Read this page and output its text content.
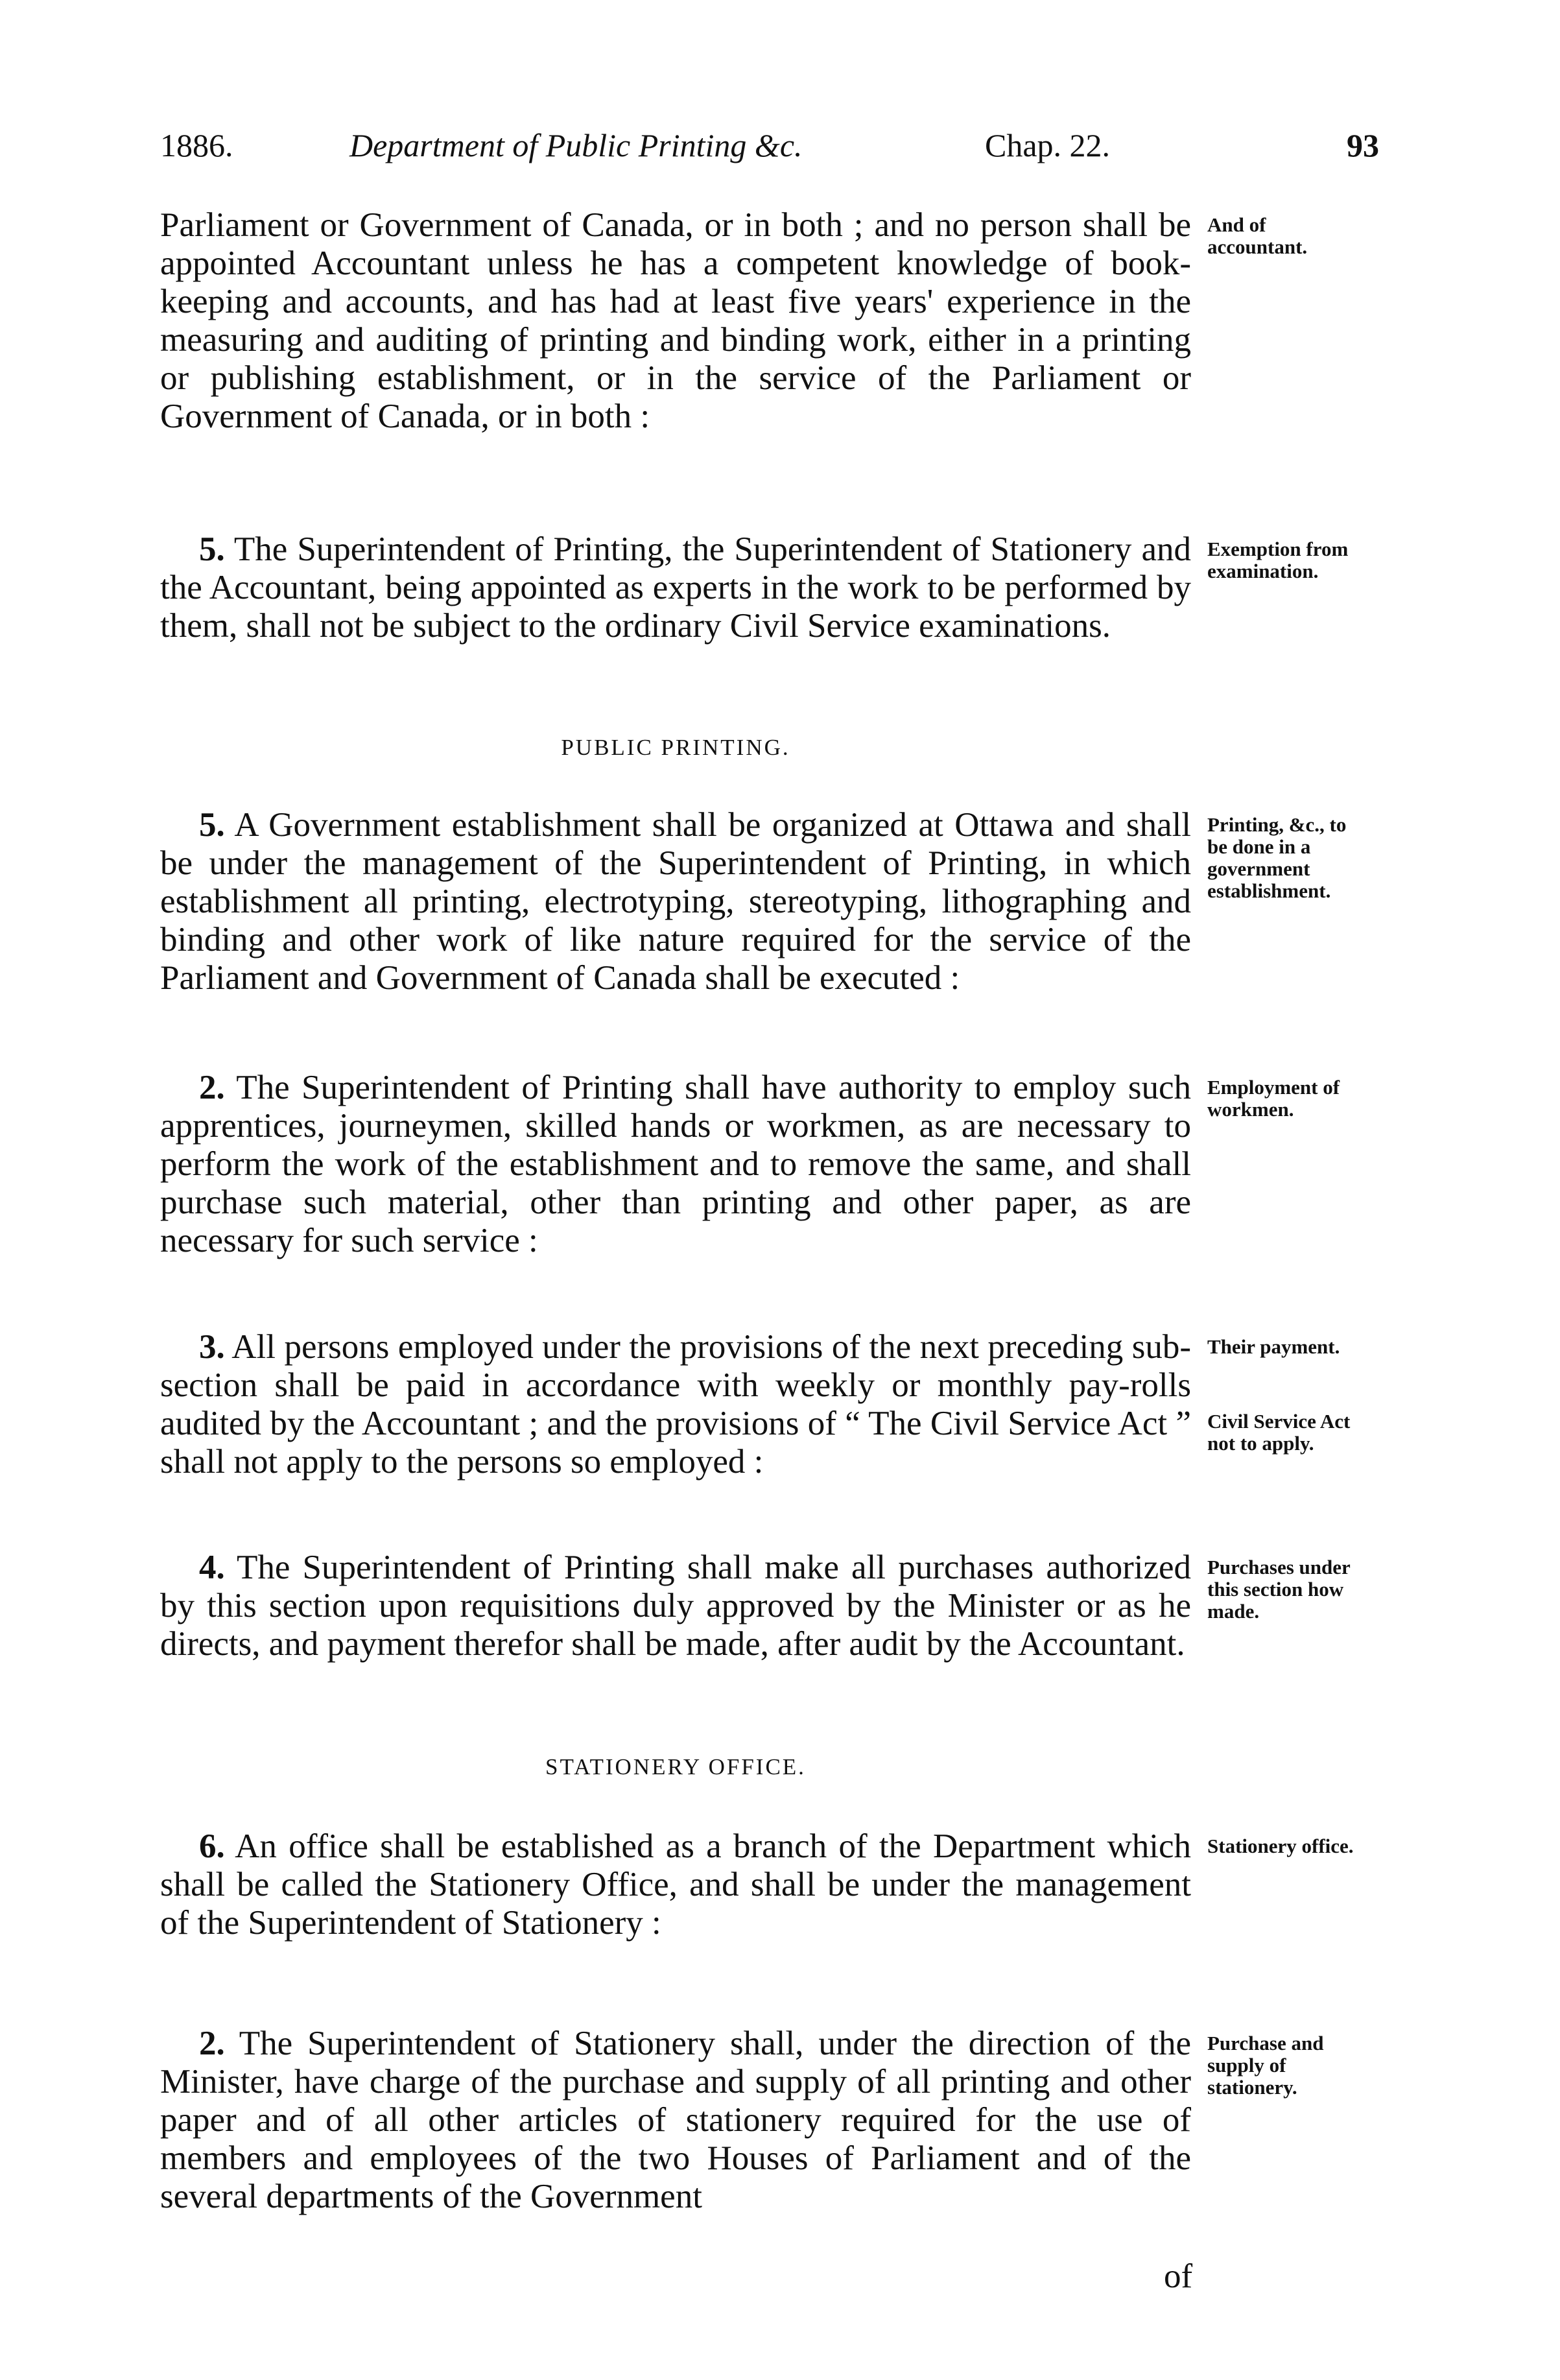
1886.	Department of Public Printing &c.	Chap. 22.	93
Parliament or Government of Canada, or in both ; and no person shall be appointed Accountant unless he has a competent knowledge of book-keeping and accounts, and has had at least five years' experience in the measuring and auditing of printing and binding work, either in a printing or publishing establishment, or in the service of the Parliament or Government of Canada, or in both :
And of accountant.
5. The Superintendent of Printing, the Superintendent of Stationery and the Accountant, being appointed as experts in the work to be performed by them, shall not be subject to the ordinary Civil Service examinations.
Exemption from examination.
PUBLIC PRINTING.
5. A Government establishment shall be organized at Ottawa and shall be under the management of the Superintendent of Printing, in which establishment all printing, electrotyping, stereotyping, lithographing and binding and other work of like nature required for the service of the Parliament and Government of Canada shall be executed :
Printing, &c., to be done in a government establishment.
2. The Superintendent of Printing shall have authority to employ such apprentices, journeymen, skilled hands or workmen, as are necessary to perform the work of the establishment and to remove the same, and shall purchase such material, other than printing and other paper, as are necessary for such service :
Employment of workmen.
3. All persons employed under the provisions of the next preceding sub-section shall be paid in accordance with weekly or monthly pay-rolls audited by the Accountant ; and the provisions of “ The Civil Service Act ” shall not apply to the persons so employed :
Their payment.
Civil Service Act not to apply.
4. The Superintendent of Printing shall make all purchases authorized by this section upon requisitions duly approved by the Minister or as he directs, and payment therefor shall be made, after audit by the Accountant.
Purchases under this section how made.
STATIONERY OFFICE.
6. An office shall be established as a branch of the Department which shall be called the Stationery Office, and shall be under the management of the Superintendent of Stationery :
Stationery office.
2. The Superintendent of Stationery shall, under the direction of the Minister, have charge of the purchase and supply of all printing and other paper and of all other articles of stationery required for the use of members and employees of the two Houses of Parliament and of the several departments of the Government
Purchase and supply of stationery.
of
